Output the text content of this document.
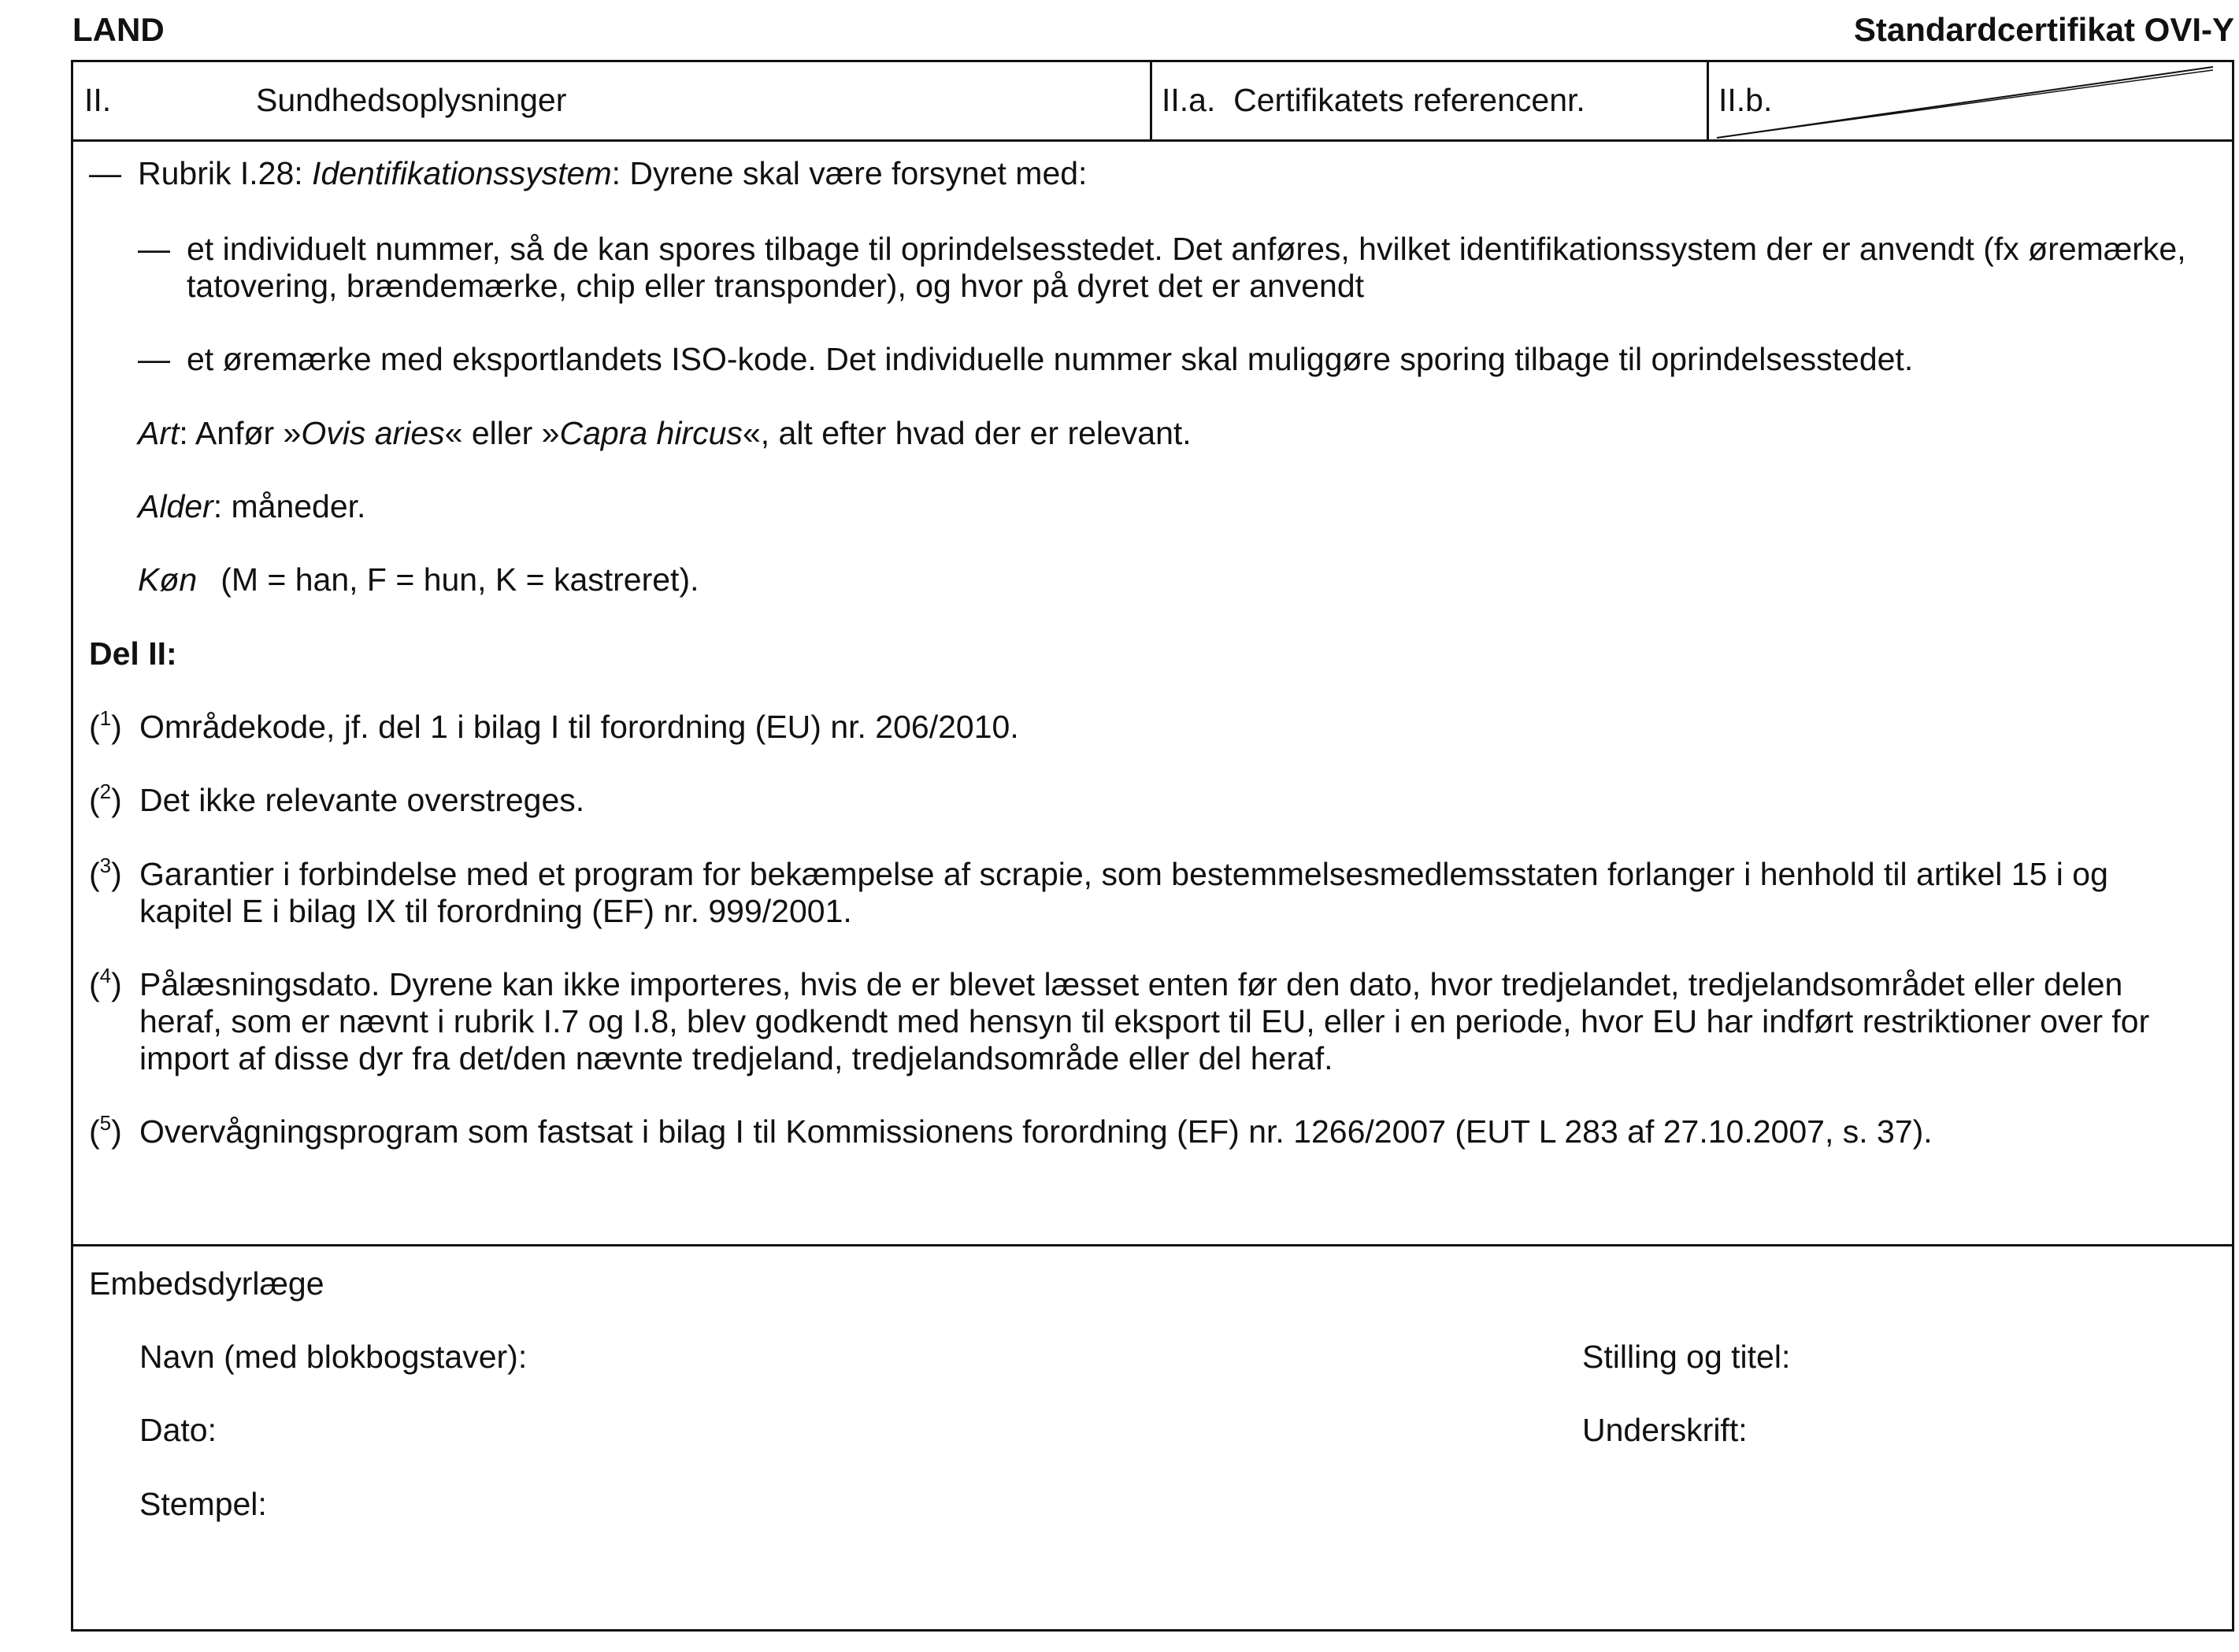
LAND	Standardcertifikat OVI-Y
II.	Sundhedsoplysninger	II.a.  Certifikatets referencenr.	II.b.
— Rubrik I.28: Identifikationssystem: Dyrene skal være forsynet med:
— et individuelt nummer, så de kan spores tilbage til oprindelsesstedet. Det anføres, hvilket identifikationssystem der er anvendt (fx øremærke,
tatovering, brændemærke, chip eller transponder), og hvor på dyret det er anvendt
— et øremærke med eksportlandets ISO-kode. Det individuelle nummer skal muliggøre sporing tilbage til oprindelsesstedet.
Art: Anfør »Ovis aries« eller »Capra hircus«, alt efter hvad der er relevant.
Alder: måneder.
Køn (M = han, F = hun, K = kastreret).
Del II:
($^1$) Områdekode, jf. del 1 i bilag I til forordning (EU) nr. 206/2010.
($^2$) Det ikke relevante overstreges.
($^3$) Garantier i forbindelse med et program for bekæmpelse af scrapie, som bestemmelsesmedlemsstaten forlanger i henhold til artikel 15 i og
kapitel E i bilag IX til forordning (EF) nr. 999/2001.
($^4$) Pålæsningsdato. Dyrene kan ikke importeres, hvis de er blevet læsset enten før den dato, hvor tredjelandet, tredjelandsområdet eller delen
heraf, som er nævnt i rubrik I.7 og I.8, blev godkendt med hensyn til eksport til EU, eller i en periode, hvor EU har indført restriktioner over for
import af disse dyr fra det/den nævnte tredjeland, tredjelandsområde eller del heraf.
($^5$) Overvågningsprogram som fastsat i bilag I til Kommissionens forordning (EF) nr. 1266/2007 (EUT L 283 af 27.10.2007, s. 37).
Embedsdyrlæge
Navn (med blokbogstaver):	Stilling og titel:
Dato:	Underskrift:
Stempel:
